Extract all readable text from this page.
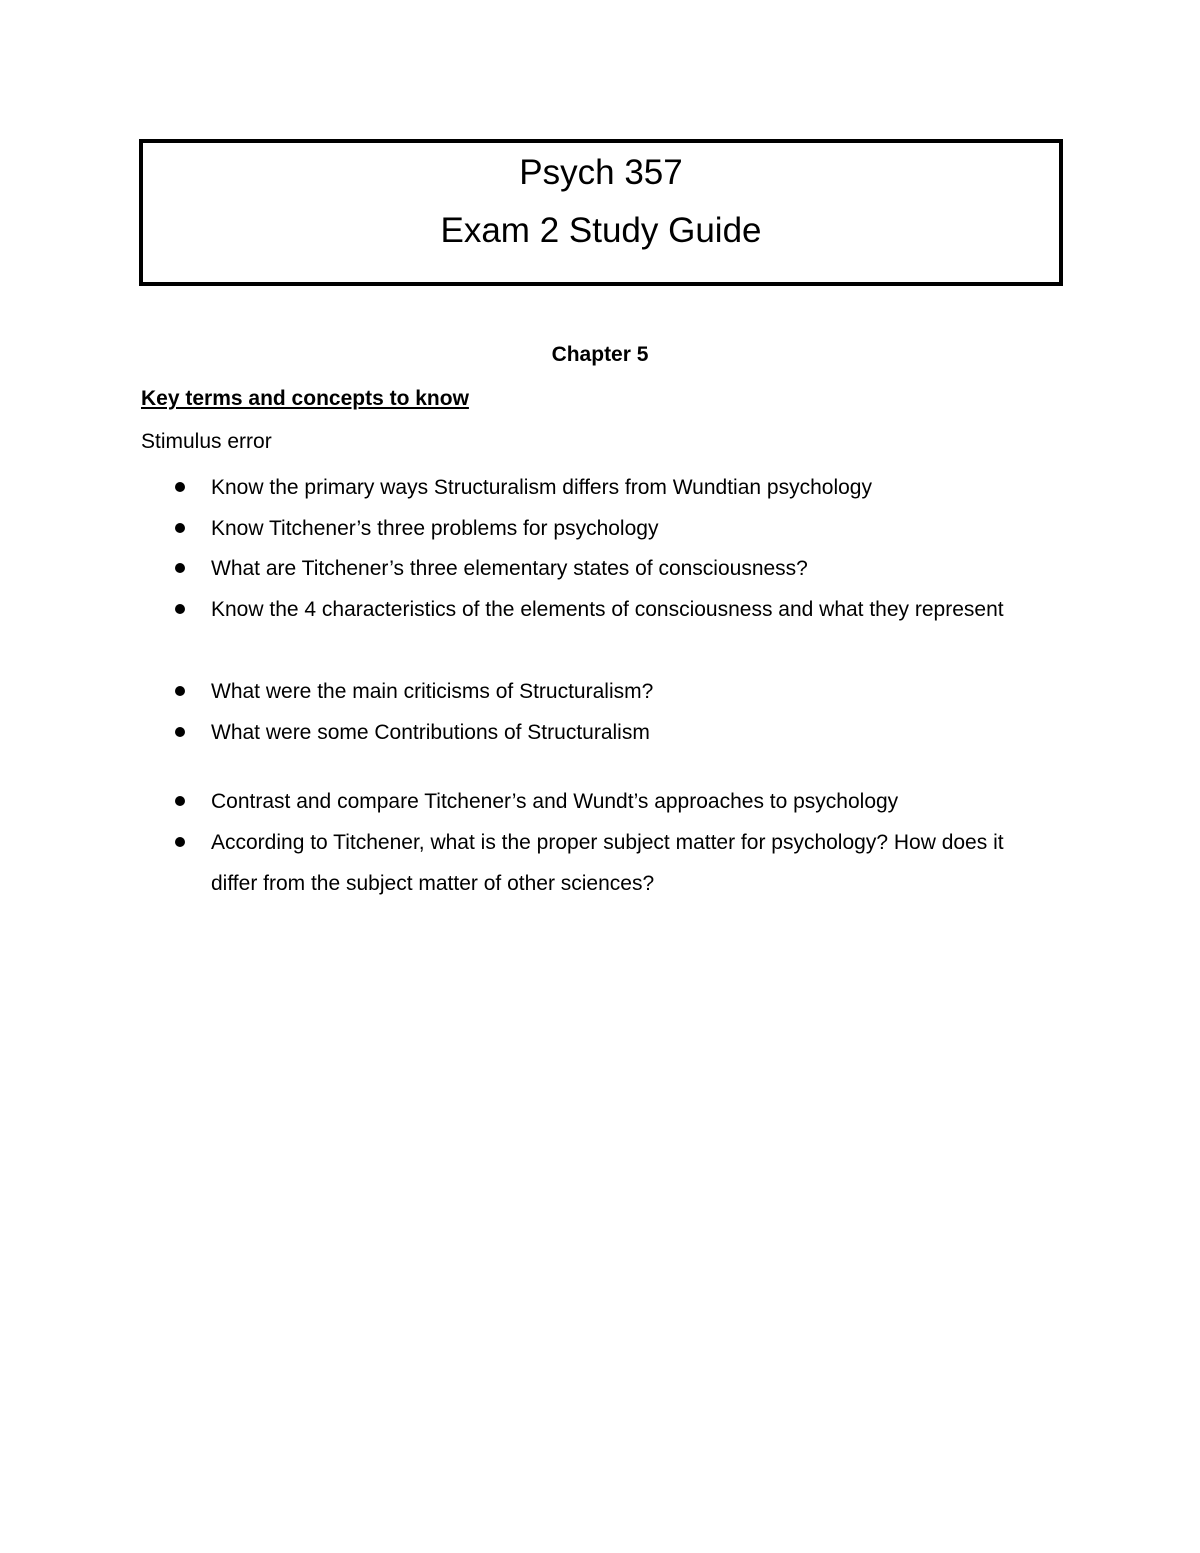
Psych 357
Exam 2 Study Guide
Chapter 5
Key terms and concepts to know
Stimulus error
Know the primary ways Structuralism differs from Wundtian psychology
Know Titchener’s three problems for psychology
What are Titchener’s three elementary states of consciousness?
Know the 4 characteristics of the elements of consciousness and what they represent
What were the main criticisms of Structuralism?
What were some Contributions of Structuralism
Contrast and compare Titchener’s and Wundt’s approaches to psychology
According to Titchener, what is the proper subject matter for psychology? How does it differ from the subject matter of other sciences?
